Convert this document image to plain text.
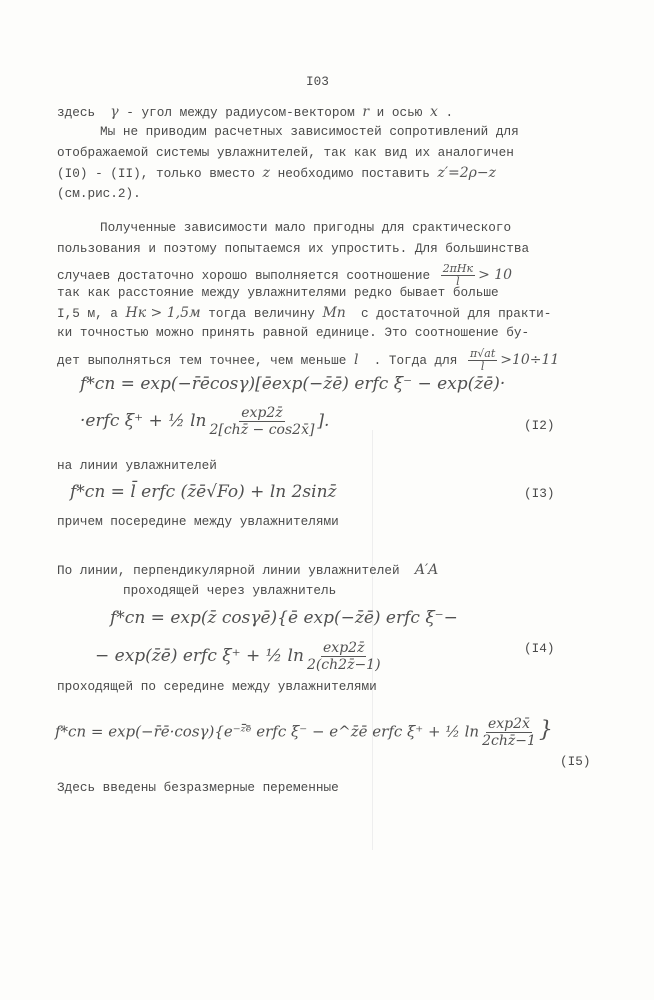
I03
здесь  γ - угол между радиусом-вектором r и осью x .
Мы не приводим расчетных зависимостей сопротивлений для
отображаемой системы увлажнителей, так как вид их аналогичен
(I0) - (II), только вместо z необходимо поставить z′=2ρ−z
(см.рис.2).
Полученные зависимости мало пригодны для срактического
пользования и поэтому попытаемся их упростить. Для большинства
случаев достаточно хорошо выполняется соотношение $\frac{\text{2πHк}}{l} > 10$
так как расстояние между увлажнителями редко бывает больше
I,5 м, а Hк > 1,5м тогда величину Mп  с достаточной для практи-
ки точностью можно принять равной единице. Это соотношение бу-
дет выполняться тем точнее, чем меньше l  . Тогда для $\frac{\pi√at}{l} >10\div 11$
f*сп = exp(−r̄ēcosγ)[ēexp(−z̄ē) erfc ξ⁻ − exp(z̄ē)·
·erfc ξ⁺ + ½ $\ln \frac{\exp 2z̄}{\text{2[chz̄ − cos2x̄]}}$ ].	(I2)
на линии увлажнителей
f*сп = l̄ erfc (z̄ē√Fo) + ln 2sinz̄	(I3)
причем посередине между увлажнителями
По линии, перпендикулярной линии увлажнителей  A′A
проходящей через увлажнитель
f*сп = exp(z̄ cosγē){ē exp(−z̄ē) erfc ξ⁻−
− exp(z̄ē) erfc ξ⁺ + ½ $\ln \frac{\exp 2z̄}{2(ch2z̄-1)}$	(I4)
проходящей по середине между увлажнителями
f*сп = exp(−r̄ē·cosγ){e⁻ᶻ̄ᵉ̄ erfc ξ⁻ − e^z̄ē erfc ξ⁺ + ½ $\ln \frac{\exp 2x̄}{\text{2chz̄−1}}$ }
(I5)
Здесь введены безразмерные переменные
